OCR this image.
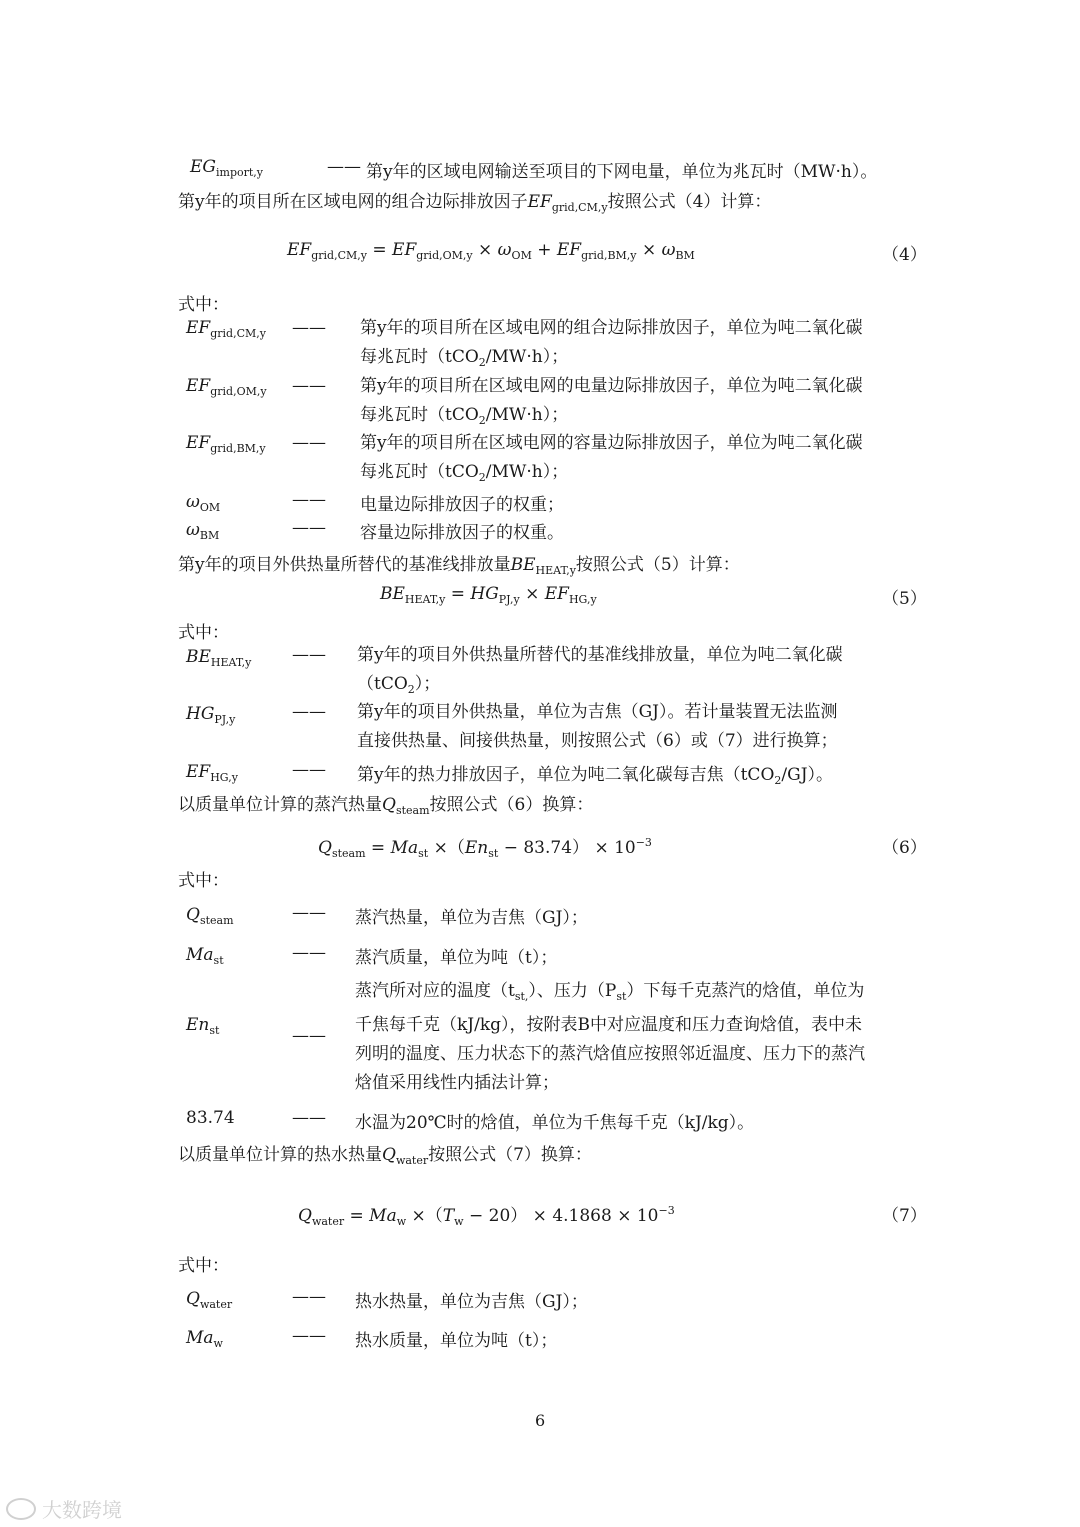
$EG_{import,y}$	—— 第y年的区域电网输送至项目的下网电量，单位为兆瓦时（MW·h）。
第y年的项目所在区域电网的组合边际排放因子$EF_{grid,CM,y}$按照公式（4）计算：
$EF_{grid,CM,y} = EF_{grid,OM,y} \times \omega_{OM} + EF_{grid,BM,y} \times \omega_{BM}$	（4）
式中：
$EF_{grid,CM,y}$ —— 第y年的项目所在区域电网的组合边际排放因子，单位为吨二氧化碳
每兆瓦时（tCO$_2$/MW·h）；
$EF_{grid,OM,y}$ —— 第y年的项目所在区域电网的电量边际排放因子，单位为吨二氧化碳
每兆瓦时（tCO$_2$/MW·h）；
$EF_{grid,BM,y}$ —— 第y年的项目所在区域电网的容量边际排放因子，单位为吨二氧化碳
每兆瓦时（tCO$_2$/MW·h）；
$\omega_{OM}$	—— 电量边际排放因子的权重；
$\omega_{BM}$	—— 容量边际排放因子的权重。
第y年的项目外供热量所替代的基准线排放量$BE_{HEAT,y}$按照公式（5）计算：
$BE_{HEAT,y} = HG_{PJ,y} \times EF_{HG,y}$	（5）
式中：
$BE_{HEAT,y}$ —— 第y年的项目外供热量所替代的基准线排放量，单位为吨二氧化碳
（tCO$_2$）；
$HG_{PJ,y}$	—— 第y年的项目外供热量，单位为吉焦（GJ）。若计量装置无法监测
直接供热量、间接供热量，则按照公式（6）或（7）进行换算；
$EF_{HG,y}$	—— 第y年的热力排放因子，单位为吨二氧化碳每吉焦（tCO$_2$/GJ）。
以质量单位计算的蒸汽热量$Q_{steam}$按照公式（6）换算：
$Q_{steam} = Ma_{st} \times(En_{st} - 83.74) \times 10^{-3}$	（6）
式中：
$Q_{steam}$	—— 蒸汽热量，单位为吉焦（GJ）；
$Ma_{st}$	—— 蒸汽质量，单位为吨（t）；
$En_{st}$	——
蒸汽所对应的温度$(t_{st,})$、压力$(P_{st})$下每千克蒸汽的焓值，单位为
千焦每千克（kJ/kg），按附表B中对应温度和压力查询焓值，表中未
列明的温度、压力状态下的蒸汽焓值应按照邻近温度、压力下的蒸汽
焓值采用线性内插法计算；
83.74	—— 水温为20℃时的焓值，单位为千焦每千克（kJ/kg）。
以质量单位计算的热水热量$Q_{water}$按照公式（7）换算：
$Q_{water} = Ma_w \times(T_w - 20) \times 4.1868 \times 10^{-3}$	（7）
式中：
$Q_{water}$	—— 热水热量，单位为吉焦（GJ）；
$Ma_w$	—— 热水质量，单位为吨（t）；
6
大数跨境
